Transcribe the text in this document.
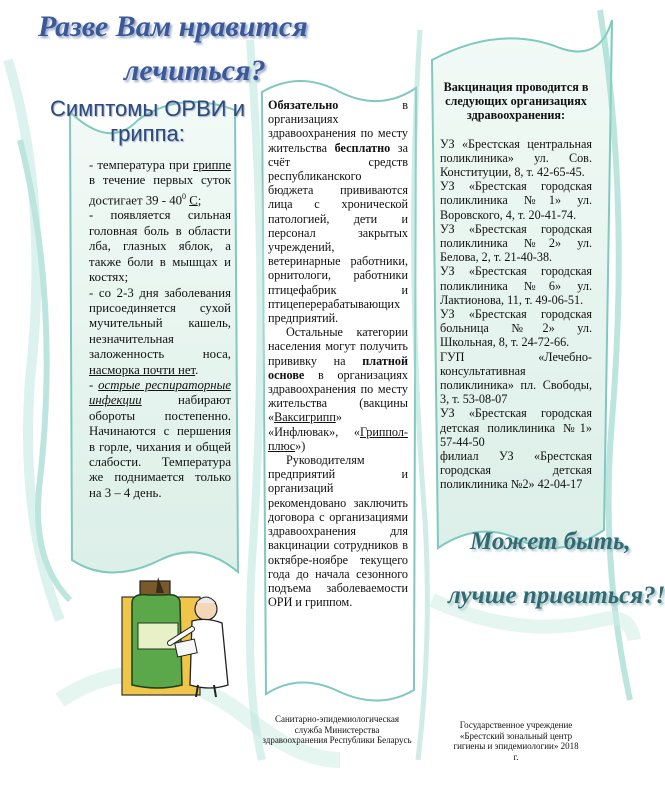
Разве Вам нравится
лечиться?
Симптомы ОРВИ и гриппа:

- температура при гриппе в течение первых суток достигает $39 - 40^0$ С;

- появляется сильная головная боль в области лба, глазных яблок, а также боли в мышцах и костях;

- со 2-3 дня заболевания присоединяется сухой мучительный кашель, незначительная заложенность носа, насморка почти нет.

- острые респираторные инфекции набирают обороты постепенно. Начинаются с першения в горле, чихания и общей слабости. Температура же поднимается только на 3 – 4 день.

Обязательно в организациях здравоохранения по месту жительства бесплатно за счёт средств республиканского бюджета прививаются лица с хронической патологией, дети и персонал закрытых учреждений, ветеринарные работники, орнитологи, работники птицефабрик и птицеперерабатывающих предприятий.

Остальные категории населения могут получить прививку на платной основе в организациях здравоохранения по месту жительства (вакцины «Ваксигрипп» «Инфлювак», «Гриппол-плюс»)

Руководителям предприятий и организаций рекомендовано заключить договора с организациями здравоохранения для вакцинации сотрудников в октябре-ноябре текущего года до начала сезонного подъема заболеваемости ОРИ и гриппом.

Вакцинация проводится в следующих организациях здравоохранения:

УЗ «Брестская центральная поликлиника» ул. Сов. Конституции, 8, т. 42-65-45.

УЗ «Брестская городская поликлиника №1» ул. Воровского, 4, т. 20-41-74.

УЗ «Брестская городская поликлиника №2» ул. Белова, 2, т. 21-40-38.

УЗ «Брестская городская поликлиника №6» ул. Лактионова, 11, т. 49-06-51.

УЗ «Брестская городская больница №2» ул. Школьная, 8, т. 24-72-66.

ГУП «Лечебно-консультативная поликлиника» пл. Свободы, 3, т. 53-08-07

УЗ «Брестская городская детская поликлиника №1» 57-44-50

филиал УЗ «Брестская городская детская поликлиника №2» 42-04-17

Может быть,
лучше привиться?!
Санитарно-эпидемиологическая служба Министерства здравоохранения Республики Беларусь
Государственное учреждение «Брестский зональный центр гигиены и эпидемиологии» 2018 г.
